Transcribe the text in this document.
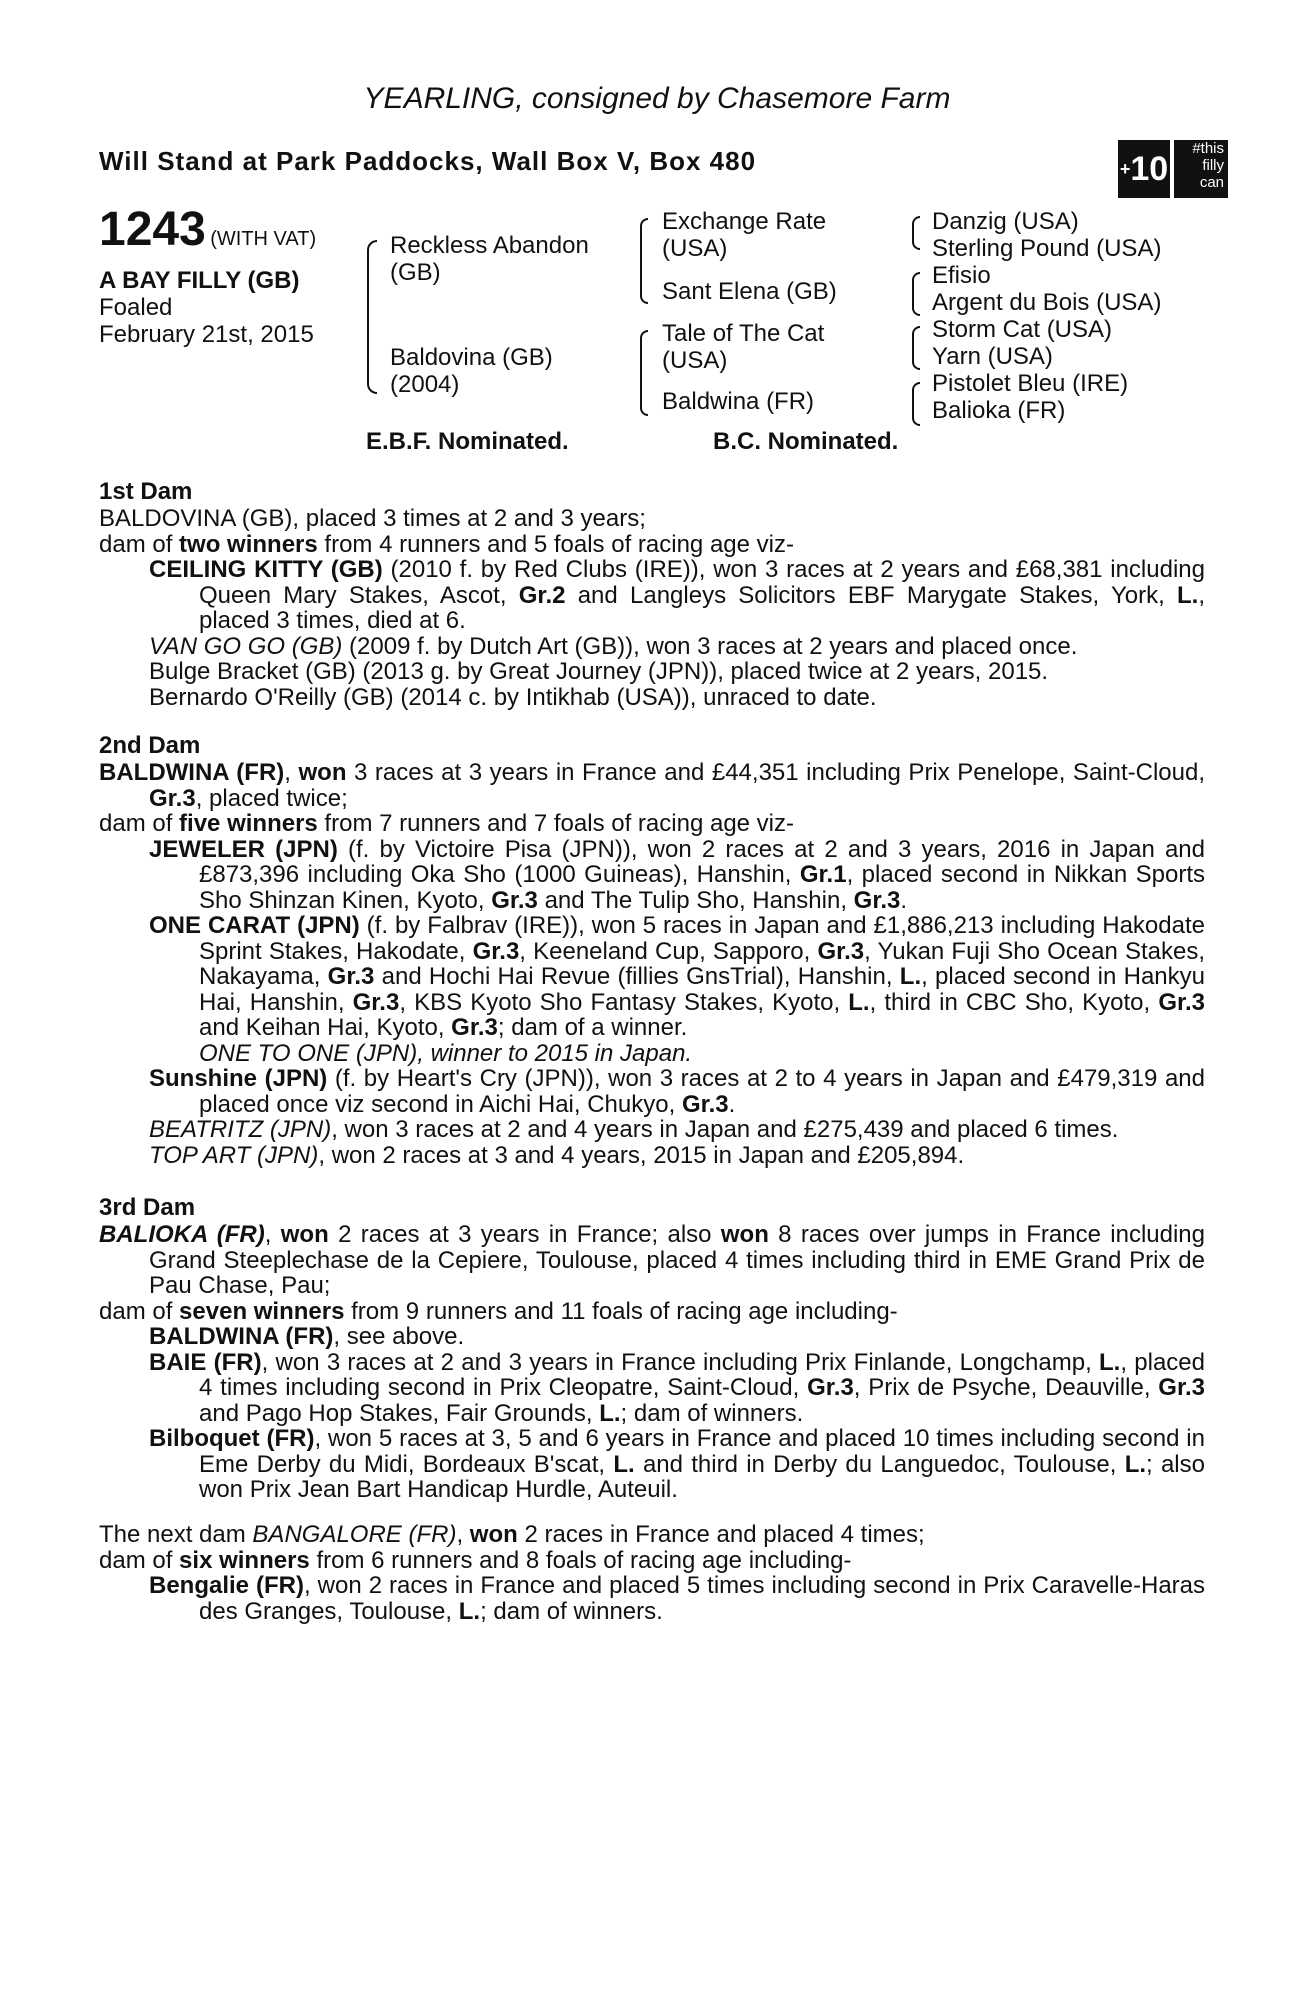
YEARLING, consigned by Chasemore Farm
Will Stand at Park Paddocks, Wall Box V, Box 480	+10
#this filly can
1243 (WITH VAT)
A BAY FILLY (GB)
Foaled
February 21st, 2015
Reckless Abandon
(GB)
Baldovina (GB)
(2004)
Exchange Rate
(USA)
Sant Elena (GB)
Tale of The Cat
(USA)
Baldwina (FR)
Danzig (USA)
Sterling Pound (USA)
Efisio
Argent du Bois (USA)
Storm Cat (USA)
Yarn (USA)
Pistolet Bleu (IRE)
Balioka (FR)
E.B.F. Nominated.	B.C. Nominated.
1st Dam
BALDOVINA (GB), placed 3 times at 2 and 3 years;
dam of two winners from 4 runners and 5 foals of racing age viz-
CEILING KITTY (GB) (2010 f. by Red Clubs (IRE)), won 3 races at 2 years and £68,381 including Queen Mary Stakes, Ascot, Gr.2 and Langleys Solicitors EBF Marygate Stakes, York, L., placed 3 times, died at 6.
VAN GO GO (GB) (2009 f. by Dutch Art (GB)), won 3 races at 2 years and placed once.
Bulge Bracket (GB) (2013 g. by Great Journey (JPN)), placed twice at 2 years, 2015.
Bernardo O'Reilly (GB) (2014 c. by Intikhab (USA)), unraced to date.
2nd Dam
BALDWINA (FR), won 3 races at 3 years in France and £44,351 including Prix Penelope, Saint-Cloud, Gr.3, placed twice;
dam of five winners from 7 runners and 7 foals of racing age viz-
JEWELER (JPN) (f. by Victoire Pisa (JPN)), won 2 races at 2 and 3 years, 2016 in Japan and £873,396 including Oka Sho (1000 Guineas), Hanshin, Gr.1, placed second in Nikkan Sports Sho Shinzan Kinen, Kyoto, Gr.3 and The Tulip Sho, Hanshin, Gr.3.
ONE CARAT (JPN) (f. by Falbrav (IRE)), won 5 races in Japan and £1,886,213 including Hakodate Sprint Stakes, Hakodate, Gr.3, Keeneland Cup, Sapporo, Gr.3, Yukan Fuji Sho Ocean Stakes, Nakayama, Gr.3 and Hochi Hai Revue (fillies GnsTrial), Hanshin, L., placed second in Hankyu Hai, Hanshin, Gr.3, KBS Kyoto Sho Fantasy Stakes, Kyoto, L., third in CBC Sho, Kyoto, Gr.3 and Keihan Hai, Kyoto, Gr.3; dam of a winner.
ONE TO ONE (JPN), winner to 2015 in Japan.
Sunshine (JPN) (f. by Heart's Cry (JPN)), won 3 races at 2 to 4 years in Japan and £479,319 and placed once viz second in Aichi Hai, Chukyo, Gr.3.
BEATRITZ (JPN), won 3 races at 2 and 4 years in Japan and £275,439 and placed 6 times.
TOP ART (JPN), won 2 races at 3 and 4 years, 2015 in Japan and £205,894.
3rd Dam
BALIOKA (FR), won 2 races at 3 years in France; also won 8 races over jumps in France including Grand Steeplechase de la Cepiere, Toulouse, placed 4 times including third in EME Grand Prix de Pau Chase, Pau;
dam of seven winners from 9 runners and 11 foals of racing age including-
BALDWINA (FR), see above.
BAIE (FR), won 3 races at 2 and 3 years in France including Prix Finlande, Longchamp, L., placed 4 times including second in Prix Cleopatre, Saint-Cloud, Gr.3, Prix de Psyche, Deauville, Gr.3 and Pago Hop Stakes, Fair Grounds, L.; dam of winners.
Bilboquet (FR), won 5 races at 3, 5 and 6 years in France and placed 10 times including second in Eme Derby du Midi, Bordeaux B'scat, L. and third in Derby du Languedoc, Toulouse, L.; also won Prix Jean Bart Handicap Hurdle, Auteuil.
The next dam BANGALORE (FR), won 2 races in France and placed 4 times;
dam of six winners from 6 runners and 8 foals of racing age including-
Bengalie (FR), won 2 races in France and placed 5 times including second in Prix Caravelle-Haras des Granges, Toulouse, L.; dam of winners.
